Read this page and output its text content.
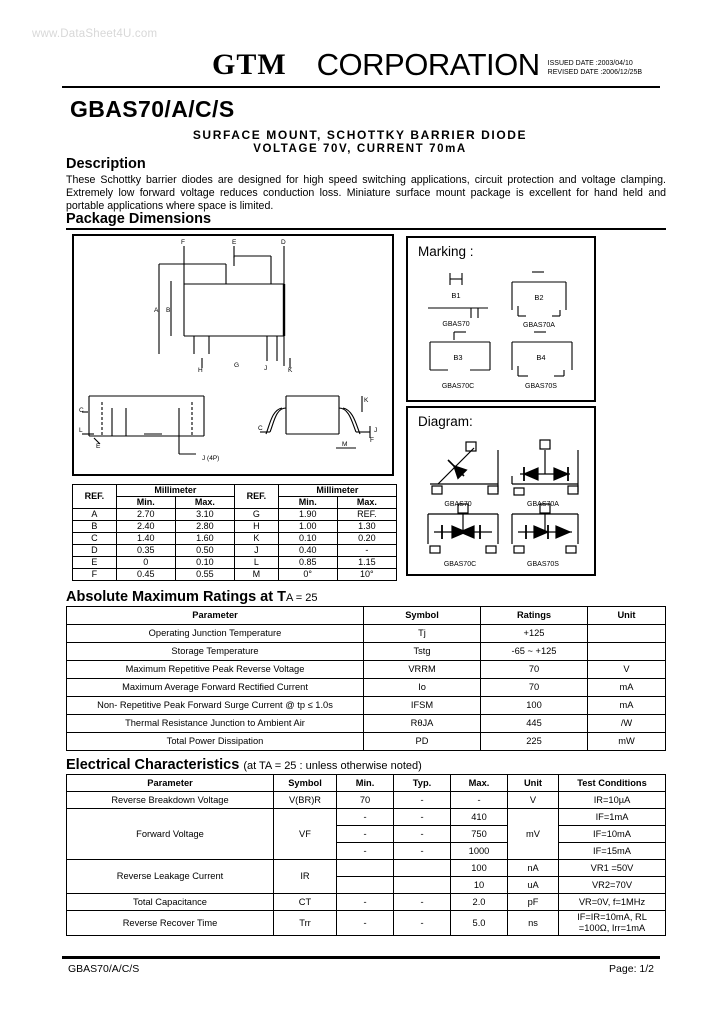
www.DataSheet4U.com
GTM CORPORATION ISSUED DATE :2003/04/10
REVISED DATE :2006/12/25B
GBAS70/A/C/S
SURFACE MOUNT, SCHOTTKY BARRIER DIODE
VOLTAGE 70V, CURRENT 70mA
Description
These Schottky barrier diodes are designed for high speed switching applications, circuit protection and voltage clamping. Extremely low forward voltage reduces conduction loss. Miniature surface mount package is excellent for hand held and portable applications where space is limited.
Package Dimensions
A B
F	E	D
H
G	J	K
C
L
E
J (4P)
K
C	J
F
M
Marking :
B1	B2
B3	B4
GBAS70	GBAS70A
GBAS70C	GBAS70S
Diagram:
GBAS70	GBAS70A
GBAS70C	GBAS70S
REF.	Millimeter		REF.	Millimeter	
	Min.	Max.		Min.	Max.
A	2.70	3.10	G	1.90	REF.
B	2.40	2.80	H	1.00	1.30
C	1.40	1.60	K	0.10	0.20
D	0.35	0.50	J	0.40	-
E	0	0.10	L	0.85	1.15
F	0.45	0.55	M	0°	10°
Absolute Maximum Ratings at TA = 25
Parameter	Symbol	Ratings	Unit
Operating Junction Temperature	Tj	+125	
Storage Temperature	Tstg	-65 ~ +125	
Maximum Repetitive Peak Reverse Voltage	VRRM	70	V
Maximum Average Forward Rectified Current	Io	70	mA
Non- Repetitive Peak Forward Surge Current @ tp ≤ 1.0s	IFSM	100	mA
Thermal Resistance Junction to Ambient Air	RθJA	445	/W
Total Power Dissipation	PD	225	mW
Electrical Characteristics (at TA = 25 : unless otherwise noted)
Parameter	Symbol	Min.	Typ.	Max.	Unit	Test Conditions
Reverse Breakdown Voltage	V(BR)R	70	-	-	V	IR=10µA
Forward Voltage	VF	-	-	410	mV	IF=1mA
		-	-	750		IF=10mA
		-	-	1000		IF=15mA
Reverse Leakage Current	IR			100	nA	VR1 =50V
				10	uA	VR2=70V
Total Capacitance	CT	-	-	2.0	pF	VR=0V, f=1MHz
Reverse Recover Time	Trr	-	-	5.0	ns	IF=IR=10mA, RL =100Ω, Irr=1mA
GBAS70/A/C/S	Page: 1/2
